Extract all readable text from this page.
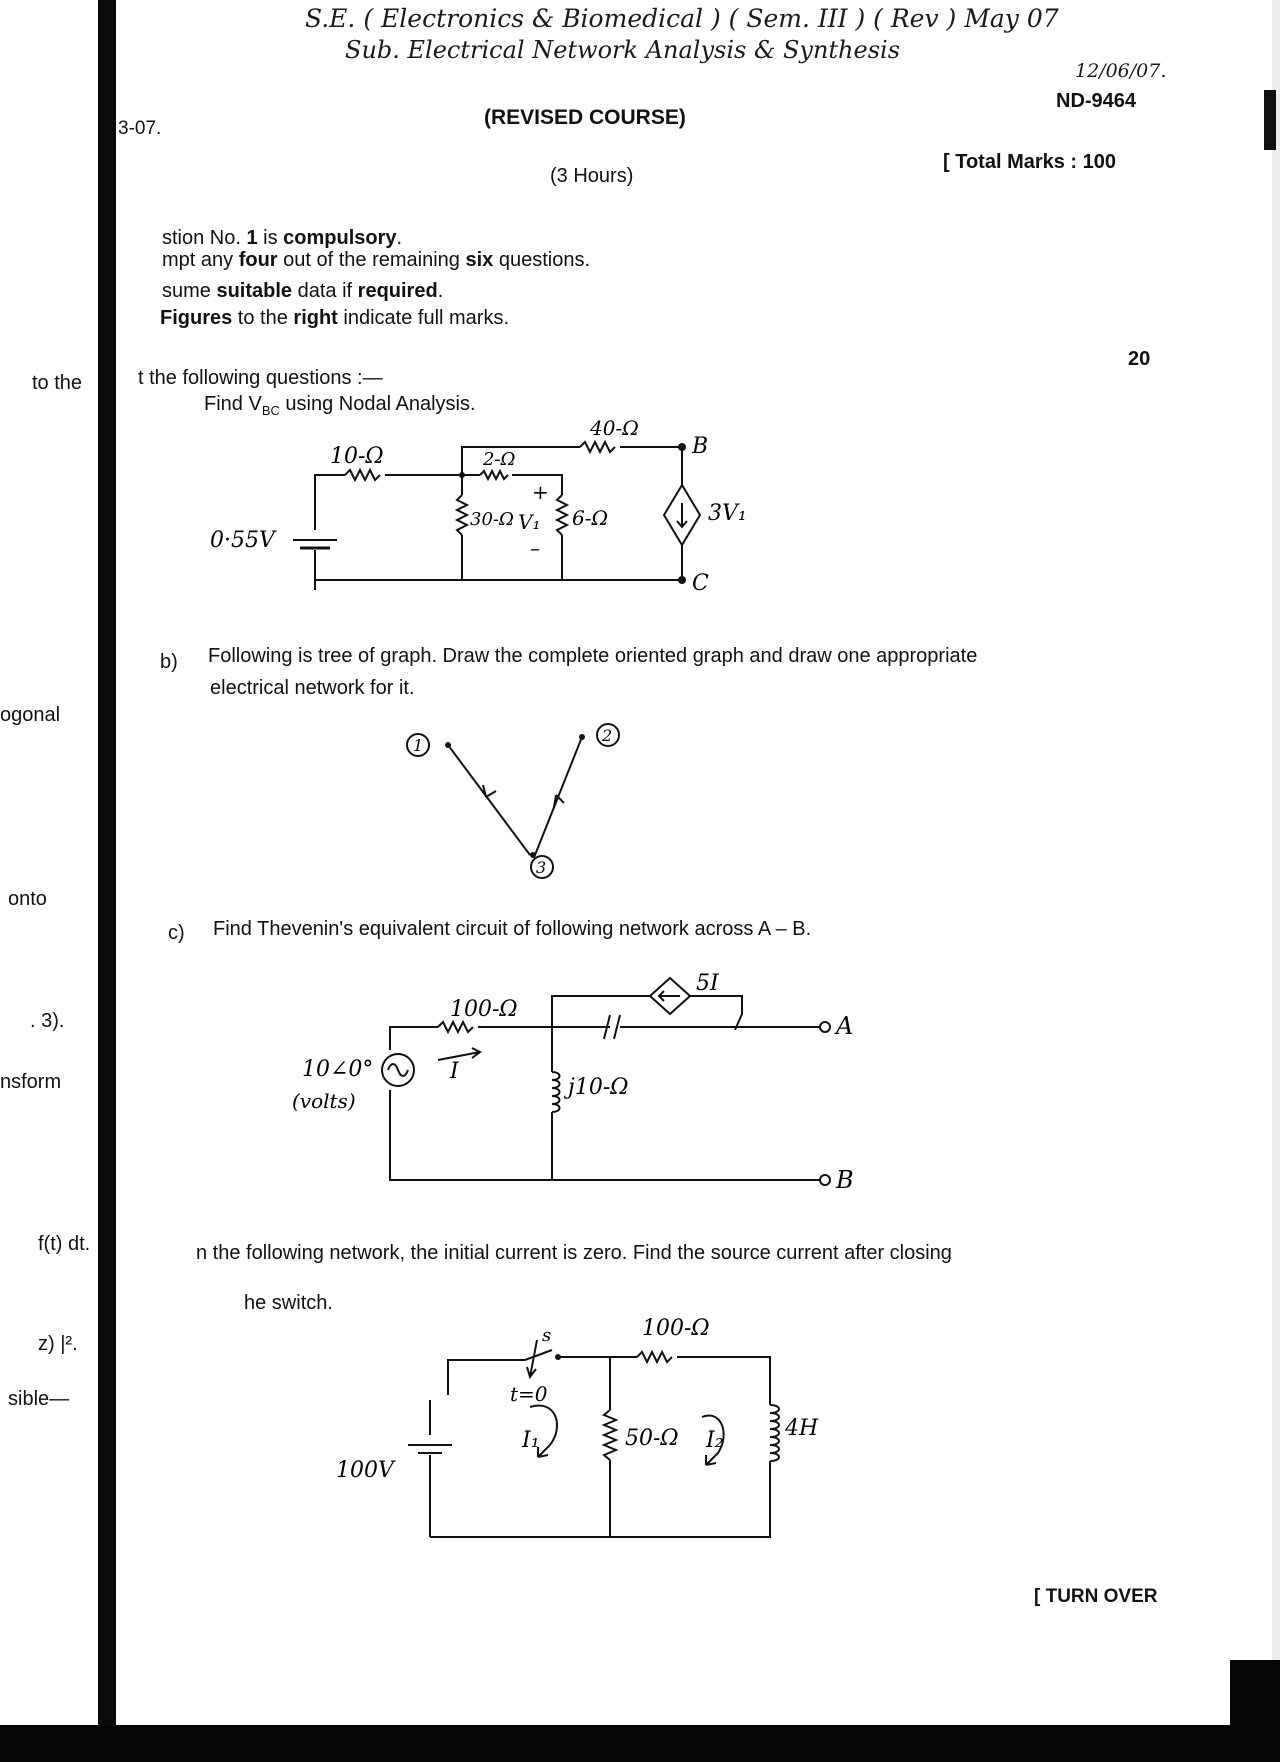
to the
ogonal
onto
. 3).
nsform
f(t) dt.
z) |².
sible—
S.E. ( Electronics & Biomedical ) ( Sem. III ) ( Rev ) May 07
Sub. Electrical Network Analysis & Synthesis
12/06/07.
3-07.	(REVISED COURSE)
ND-9464
(3 Hours)
[ Total Marks : 100
stion No. 1 is compulsory.
mpt any four out of the remaining six questions.
sume suitable data if required.
Figures to the right indicate full marks.
t the following questions :—
20
Find $V_{BC}$ using Nodal Analysis.
10-Ω	2-Ω
40-Ω
30-Ω	6-Ω
0·55V
V₁
+
–
3V₁
B
C
b) Following is tree of graph. Draw the complete oriented graph and draw one appropriate
electrical network for it.
1
2
3
c) Find Thevenin's equivalent circuit of following network across A – B.
100-Ω
j10-Ω
5I
10∠0°
(volts)
I
A
B
n the following network, the initial current is zero. Find the source current after closing
he switch.
s
t=0
100-Ω
50-Ω	4H
100V
I₁	I₂
[ TURN OVER
